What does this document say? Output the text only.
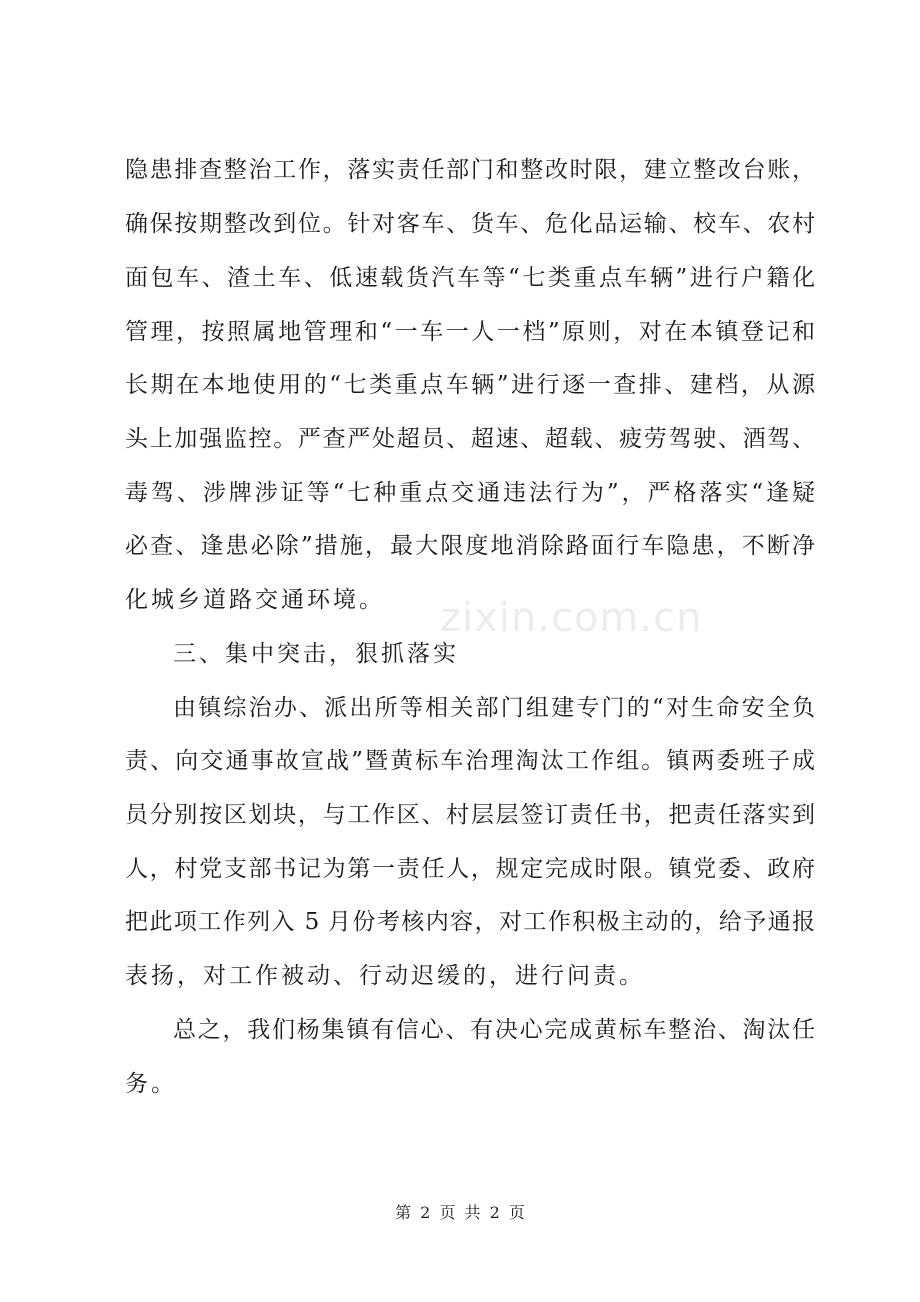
隐患排查整治工作，落实责任部门和整改时限，建立整改台账，
确保按期整改到位。针对客车、货车、危化品运输、校车、农村
面包车、渣土车、低速载货汽车等“七类重点车辆”进行户籍化
管理，按照属地管理和“一车一人一档”原则，对在本镇登记和
长期在本地使用的“七类重点车辆”进行逐一查排、建档，从源
头上加强监控。严查严处超员、超速、超载、疲劳驾驶、酒驾、
毒驾、涉牌涉证等“七种重点交通违法行为”，严格落实“逢疑
必查、逢患必除”措施，最大限度地消除路面行车隐患，不断净
化城乡道路交通环境。
三、集中突击，狠抓落实
由镇综治办、派出所等相关部门组建专门的“对生命安全负
责、向交通事故宣战”暨黄标车治理淘汰工作组。镇两委班子成
员分别按区划块，与工作区、村层层签订责任书，把责任落实到
人，村党支部书记为第一责任人，规定完成时限。镇党委、政府
把此项工作列入 5 月份考核内容，对工作积极主动的，给予通报
表扬，对工作被动、行动迟缓的，进行问责。
总之，我们杨集镇有信心、有决心完成黄标车整治、淘汰任
务。
zixin.com.cn
第 2 页 共 2 页
